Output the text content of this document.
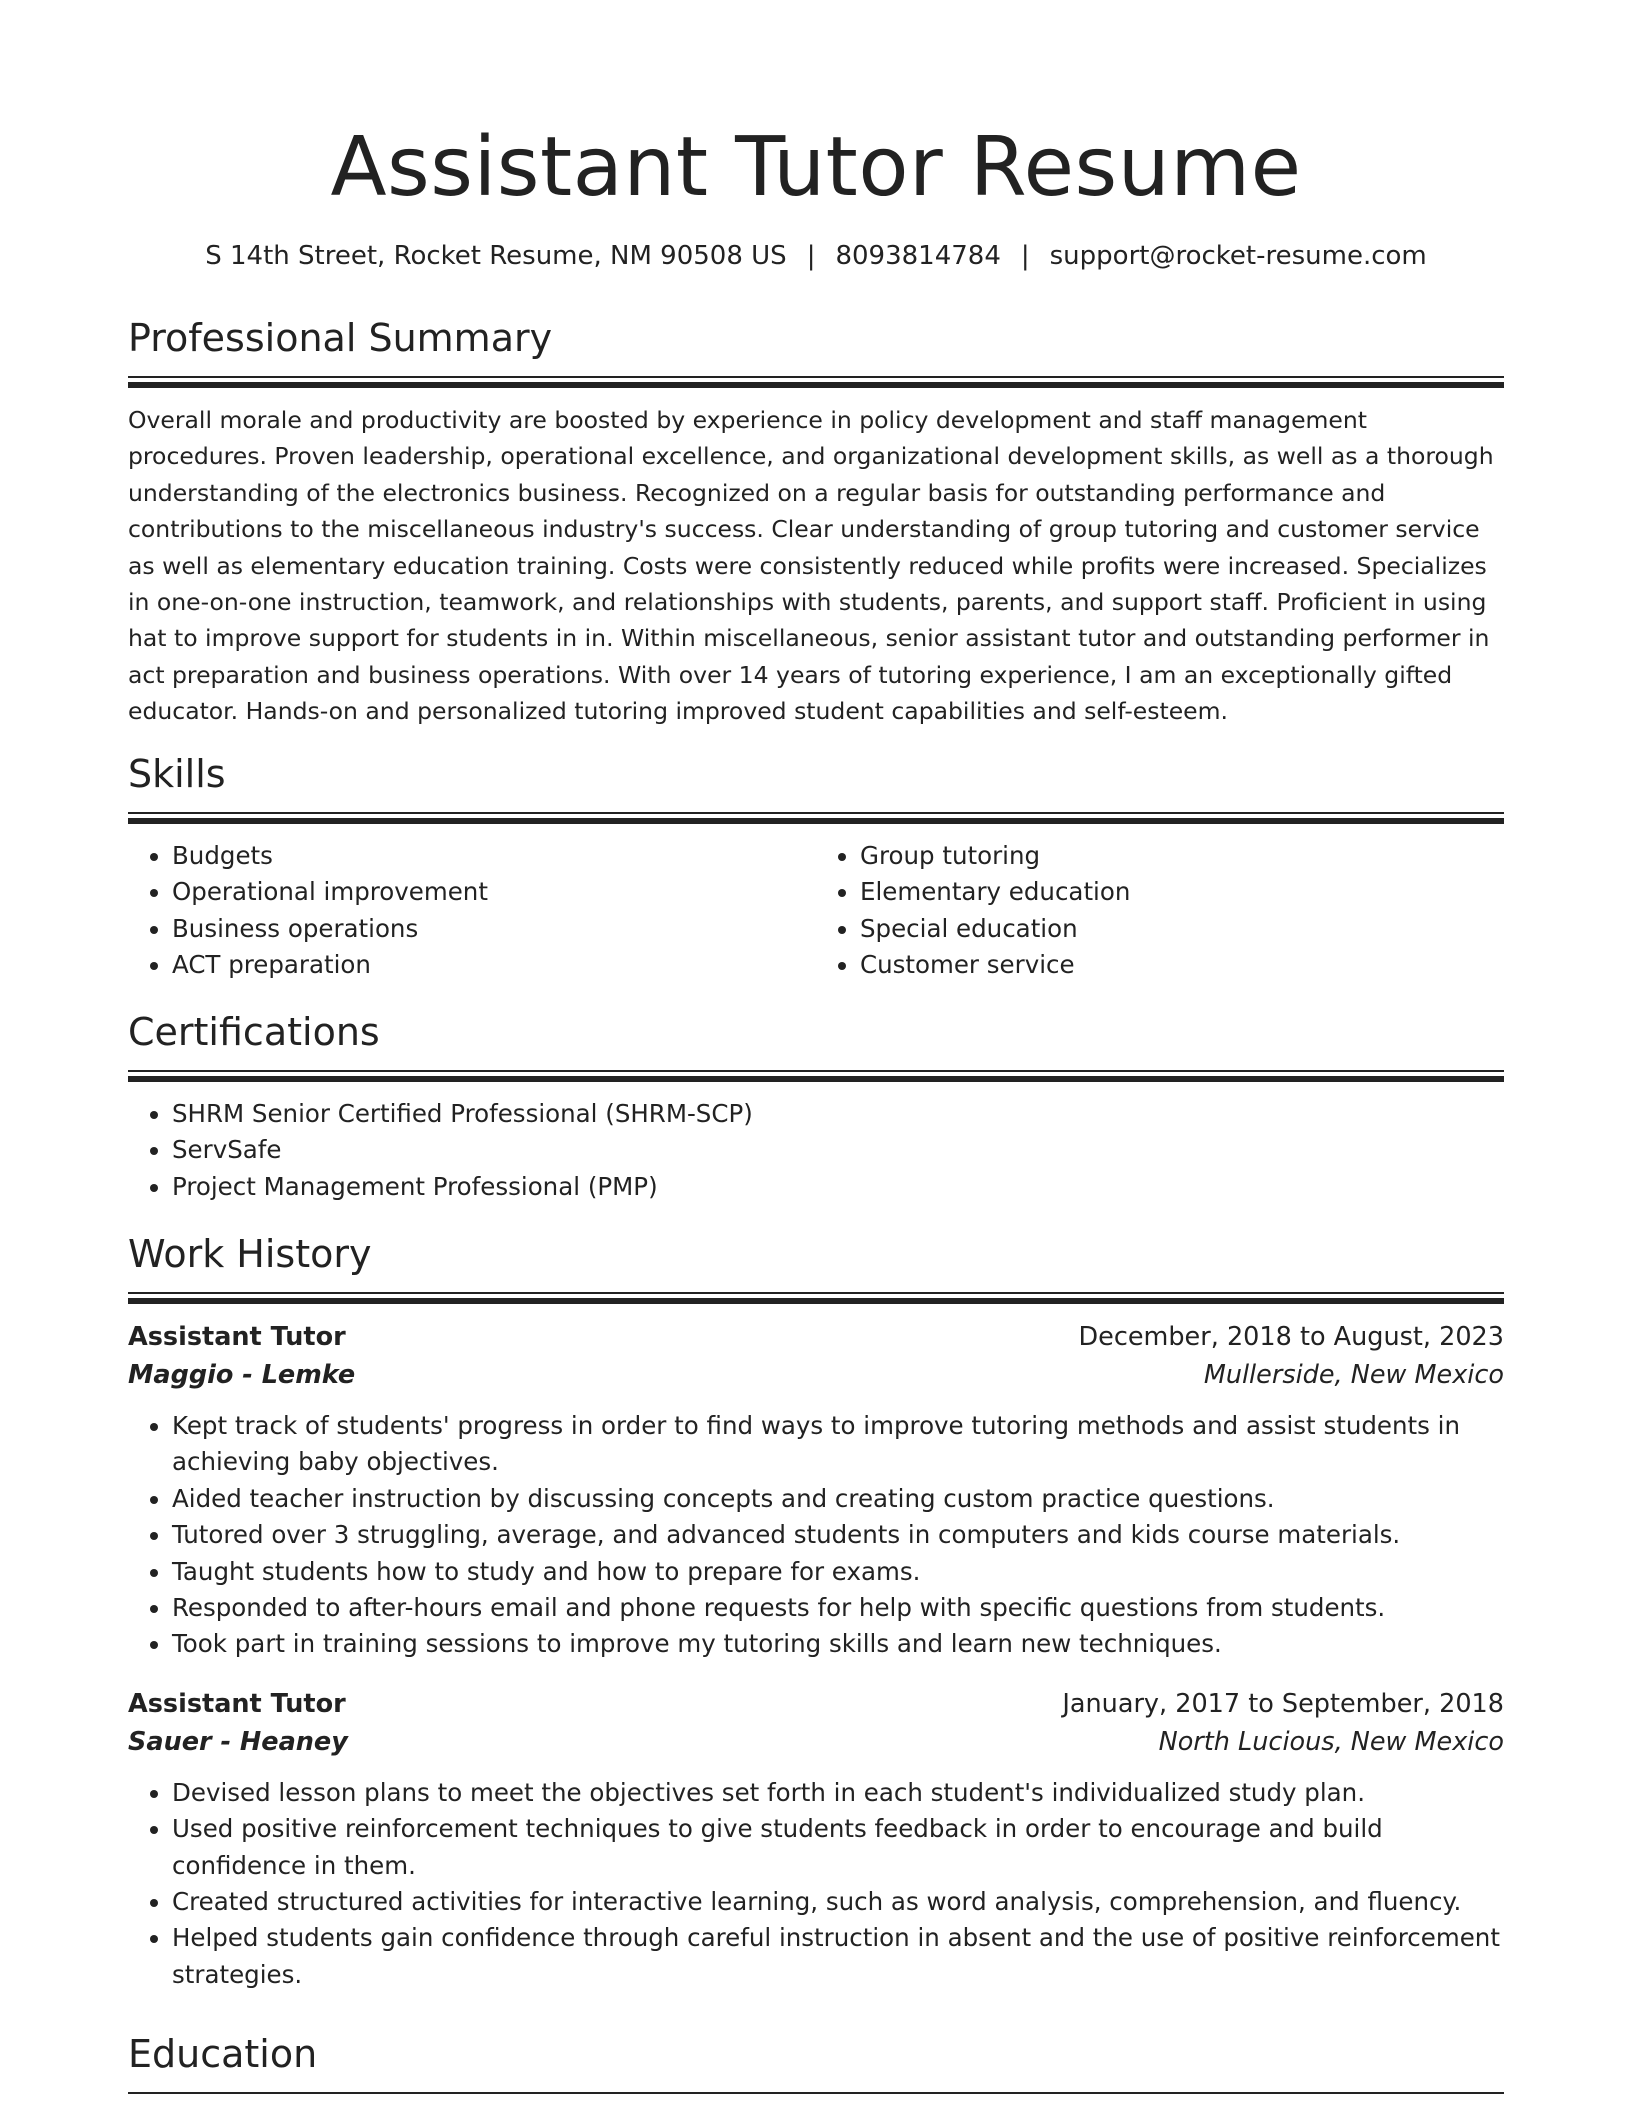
Assistant Tutor Resume
S 14th Street, Rocket Resume, NM 90508 US | 8093814784 | support@rocket-resume.com
Professional Summary

Overall morale and productivity are boosted by experience in policy development and staff management procedures. Proven leadership, operational excellence, and organizational development skills, as well as a thorough understanding of the electronics business. Recognized on a regular basis for outstanding performance and contributions to the miscellaneous industry's success. Clear understanding of group tutoring and customer service as well as elementary education training. Costs were consistently reduced while profits were increased. Specializes in one-on-one instruction, teamwork, and relationships with students, parents, and support staff. Proficient in using hat to improve support for students in in. Within miscellaneous, senior assistant tutor and outstanding performer in act preparation and business operations. With over 14 years of tutoring experience, I am an exceptionally gifted educator. Hands-on and personalized tutoring improved student capabilities and self-esteem.

Skills
• Budgets
• Operational improvement
• Business operations
• ACT preparation
• Group tutoring
• Elementary education
• Special education
• Customer service
Certifications
• SHRM Senior Certified Professional (SHRM-SCP)
• ServSafe
• Project Management Professional (PMP)
Work History
Assistant Tutor	December, 2018 to August, 2023
Maggio - Lemke	Mullerside, New Mexico
• Kept track of students' progress in order to find ways to improve tutoring methods and assist students in achieving baby objectives.
• Aided teacher instruction by discussing concepts and creating custom practice questions.
• Tutored over 3 struggling, average, and advanced students in computers and kids course materials.
• Taught students how to study and how to prepare for exams.
• Responded to after-hours email and phone requests for help with specific questions from students.
• Took part in training sessions to improve my tutoring skills and learn new techniques.
Assistant Tutor	January, 2017 to September, 2018
Sauer - Heaney	North Lucious, New Mexico
• Devised lesson plans to meet the objectives set forth in each student's individualized study plan.
• Used positive reinforcement techniques to give students feedback in order to encourage and build confidence in them.
• Created structured activities for interactive learning, such as word analysis, comprehension, and fluency.
• Helped students gain confidence through careful instruction in absent and the use of positive reinforcement strategies.
Education
